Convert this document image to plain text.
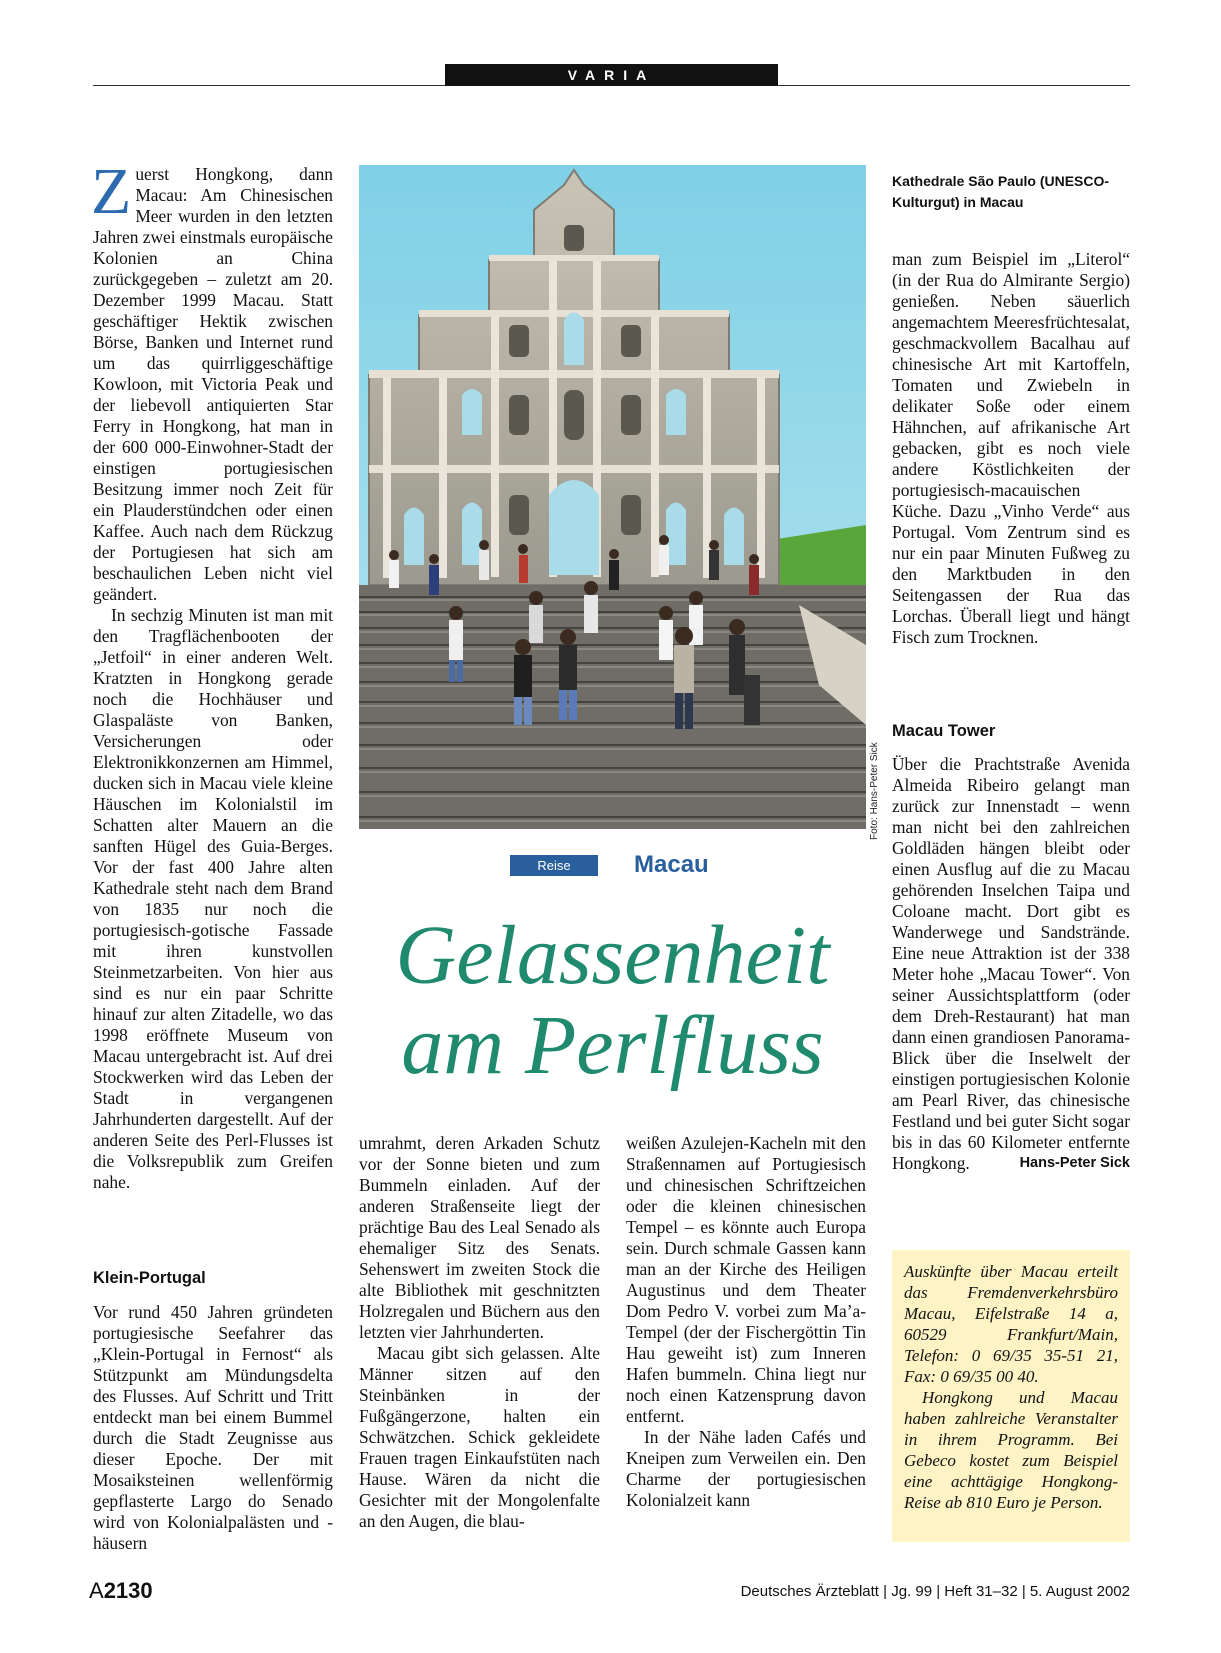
VARIA

Zuerst Hongkong, dann Macau: Am Chinesischen Meer wurden in den letzten Jahren zwei einstmals europäische Kolonien an China zurückgegeben – zuletzt am 20. Dezember 1999 Macau. Statt geschäftiger Hektik zwischen Börse, Banken und Internet rund um das quirrliggeschäftige Kowloon, mit Victoria Peak und der liebevoll antiquierten Star Ferry in Hongkong, hat man in der 600 000-Einwohner-Stadt der einstigen portugiesischen Besitzung immer noch Zeit für ein Plauderstündchen oder einen Kaffee. Auch nach dem Rückzug der Portugiesen hat sich am beschaulichen Leben nicht viel geändert.

In sechzig Minuten ist man mit den Tragflächenbooten der „Jetfoil“ in einer anderen Welt. Kratzten in Hongkong gerade noch die Hochhäuser und Glaspaläste von Banken, Versicherungen oder Elektronikkonzernen am Himmel, ducken sich in Macau viele kleine Häuschen im Kolonialstil im Schatten alter Mauern an die sanften Hügel des Guia-Berges. Vor der fast 400 Jahre alten Kathedrale steht nach dem Brand von 1835 nur noch die portugiesisch-gotische Fassade mit ihren kunstvollen Steinmetzarbeiten. Von hier aus sind es nur ein paar Schritte hinauf zur alten Zitadelle, wo das 1998 eröffnete Museum von Macau untergebracht ist. Auf drei Stockwerken wird das Leben der Stadt in vergangenen Jahrhunderten dargestellt. Auf der anderen Seite des Perl-Flusses ist die Volksrepublik zum Greifen nahe.

Klein-Portugal

Vor rund 450 Jahren gründeten portugiesische Seefahrer das „Klein-Portugal in Fernost“ als Stützpunkt am Mündungsdelta des Flusses. Auf Schritt und Tritt entdeckt man bei einem Bummel durch die Stadt Zeugnisse aus dieser Epoche. Der mit Mosaiksteinen wellenförmig gepflasterte Largo do Senado wird von Kolonialpalästen und -häusern

Foto: Hans-Peter Sick
Reise	Macau
Gelassenheit
am Perlfluss

umrahmt, deren Arkaden Schutz vor der Sonne bieten und zum Bummeln einladen. Auf der anderen Straßenseite liegt der prächtige Bau des Leal Senado als ehemaliger Sitz des Senats. Sehenswert im zweiten Stock die alte Bibliothek mit geschnitzten Holzregalen und Büchern aus den letzten vier Jahrhunderten.

Macau gibt sich gelassen. Alte Männer sitzen auf den Steinbänken in der Fußgängerzone, halten ein Schwätzchen. Schick gekleidete Frauen tragen Einkaufstüten nach Hause. Wären da nicht die Gesichter mit der Mongolenfalte an den Augen, die blau-

weißen Azulejen-Kacheln mit den Straßennamen auf Portugiesisch und chinesischen Schriftzeichen oder die kleinen chinesischen Tempel – es könnte auch Europa sein. Durch schmale Gassen kann man an der Kirche des Heiligen Augustinus und dem Theater Dom Pedro V. vorbei zum Ma’a-Tempel (der der Fischergöttin Tin Hau geweiht ist) zum Inneren Hafen bummeln. China liegt nur noch einen Katzensprung davon entfernt.

In der Nähe laden Cafés und Kneipen zum Verweilen ein. Den Charme der portugiesischen Kolonialzeit kann

Kathedrale São Paulo (UNESCO-Kulturgut) in Macau

man zum Beispiel im „Literol“ (in der Rua do Almirante Sergio) genießen. Neben säuerlich angemachtem Meeresfrüchtesalat, geschmackvollem Bacalhau auf chinesische Art mit Kartoffeln, Tomaten und Zwiebeln in delikater Soße oder einem Hähnchen, auf afrikanische Art gebacken, gibt es noch viele andere Köstlichkeiten der portugiesisch-macauischen Küche. Dazu „Vinho Verde“ aus Portugal. Vom Zentrum sind es nur ein paar Minuten Fußweg zu den Marktbuden in den Seitengassen der Rua das Lorchas. Überall liegt und hängt Fisch zum Trocknen.

Macau Tower

Über die Prachtstraße Avenida Almeida Ribeiro gelangt man zurück zur Innenstadt – wenn man nicht bei den zahlreichen Goldläden hängen bleibt oder einen Ausflug auf die zu Macau gehörenden Inselchen Taipa und Coloane macht. Dort gibt es Wanderwege und Sandstrände. Eine neue Attraktion ist der 338 Meter hohe „Macau Tower“. Von seiner Aussichtsplattform (oder dem Dreh-Restaurant) hat man dann einen grandiosen Panorama-Blick über die Inselwelt der einstigen portugiesischen Kolonie am Pearl River, das chinesische Festland und bei guter Sicht sogar bis in das 60 Kilometer entfernte Hongkong.	Hans-Peter Sick

Auskünfte über Macau erteilt das Fremdenverkehrsbüro Macau, Eifelstraße 14 a, 60529 Frankfurt/Main, Telefon: 0 69/35 35-51 21, Fax: 0 69/35 00 40.

Hongkong und Macau haben zahlreiche Veranstalter in ihrem Programm. Bei Gebeco kostet zum Beispiel eine achttägige Hongkong-Reise ab 810 Euro je Person.

A2130	Deutsches Ärzteblatt | Jg. 99 | Heft 31–32 | 5. August 2002
